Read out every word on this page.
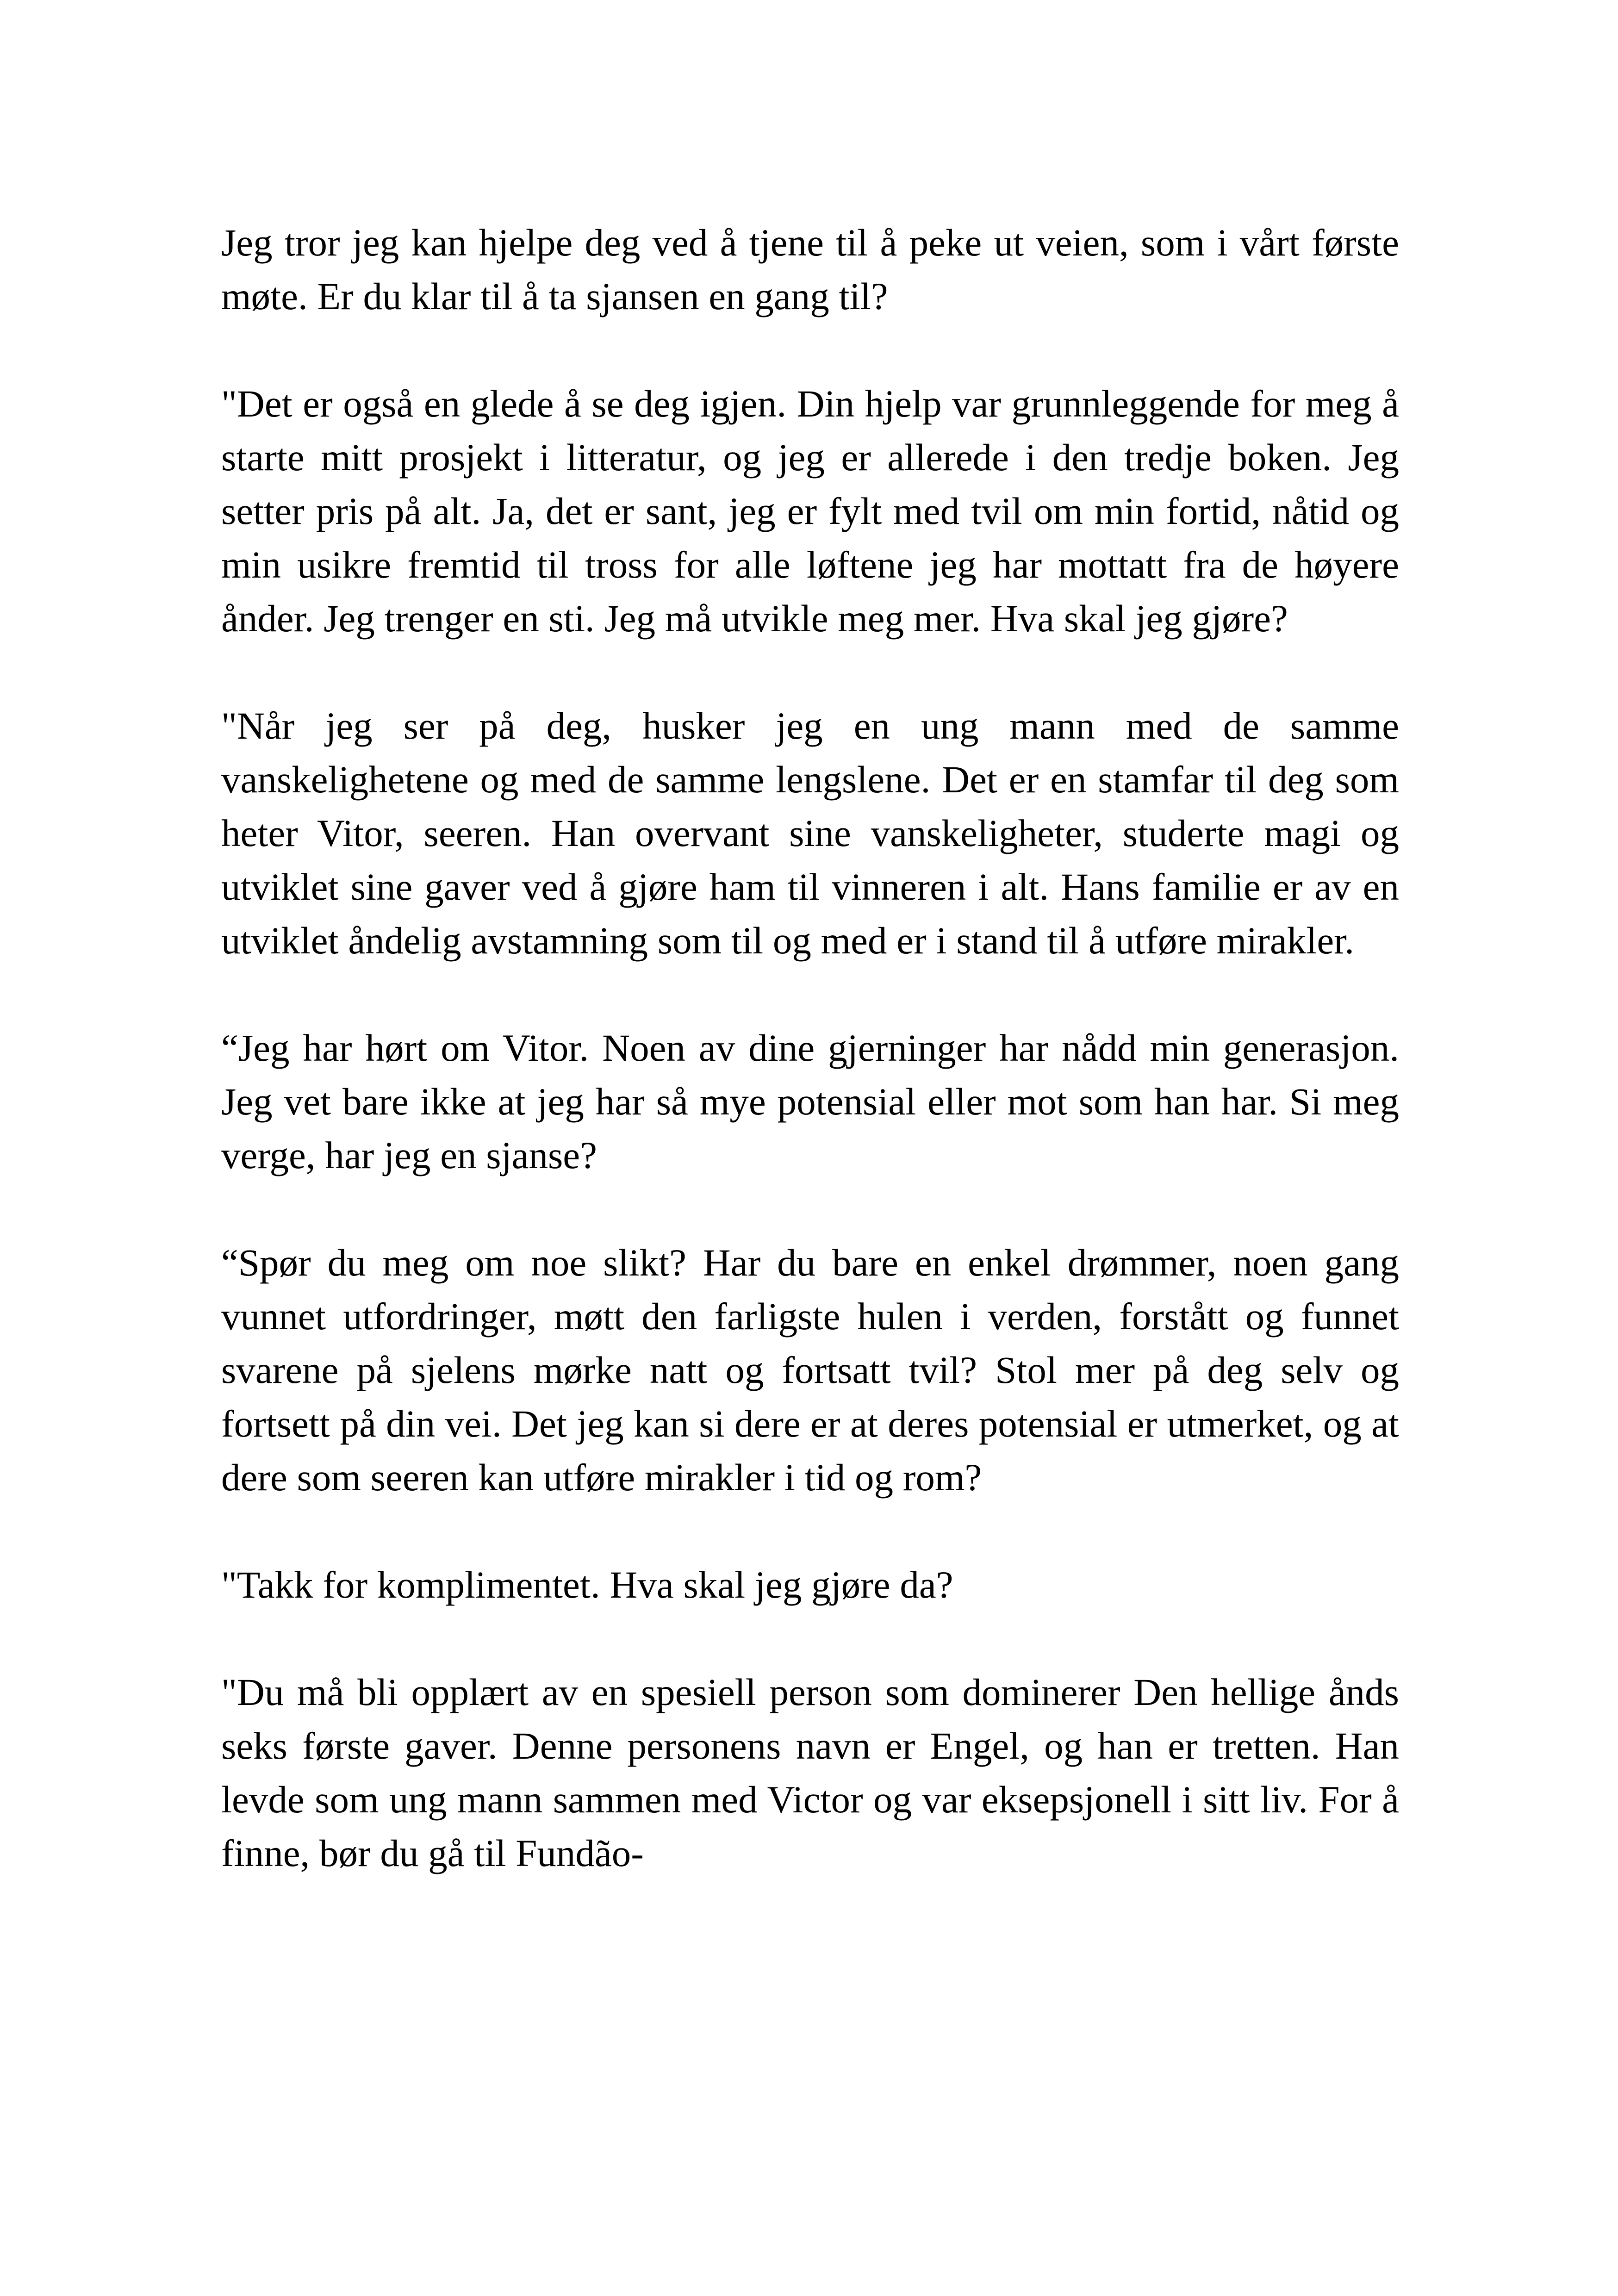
Jeg tror jeg kan hjelpe deg ved å tjene til å peke ut veien, som i vårt første møte. Er du klar til å ta sjansen en gang til?

"Det er også en glede å se deg igjen. Din hjelp var grunnleggende for meg å starte mitt prosjekt i litteratur, og jeg er allerede i den tredje boken. Jeg setter pris på alt. Ja, det er sant, jeg er fylt med tvil om min fortid, nåtid og min usikre fremtid til tross for alle løftene jeg har mottatt fra de høyere ånder. Jeg trenger en sti. Jeg må utvikle meg mer. Hva skal jeg gjøre?

"Når jeg ser på deg, husker jeg en ung mann med de samme vanskelighetene og med de samme lengslene. Det er en stamfar til deg som heter Vitor, seeren. Han overvant sine vanskeligheter, studerte magi og utviklet sine gaver ved å gjøre ham til vinneren i alt. Hans familie er av en utviklet åndelig avstamning som til og med er i stand til å utføre mirakler.

“Jeg har hørt om Vitor. Noen av dine gjerninger har nådd min generasjon. Jeg vet bare ikke at jeg har så mye potensial eller mot som han har. Si meg verge, har jeg en sjanse?

“Spør du meg om noe slikt? Har du bare en enkel drømmer, noen gang vunnet utfordringer, møtt den farligste hulen i verden, forstått og funnet svarene på sjelens mørke natt og fortsatt tvil? Stol mer på deg selv og fortsett på din vei. Det jeg kan si dere er at deres potensial er utmerket, og at dere som seeren kan utføre mirakler i tid og rom?

"Takk for komplimentet. Hva skal jeg gjøre da?

"Du må bli opplært av en spesiell person som dominerer Den hellige ånds seks første gaver. Denne personens navn er Engel, og han er tretten. Han levde som ung mann sammen med Victor og var eksepsjonell i sitt liv. For å finne, bør du gå til Fundão-
